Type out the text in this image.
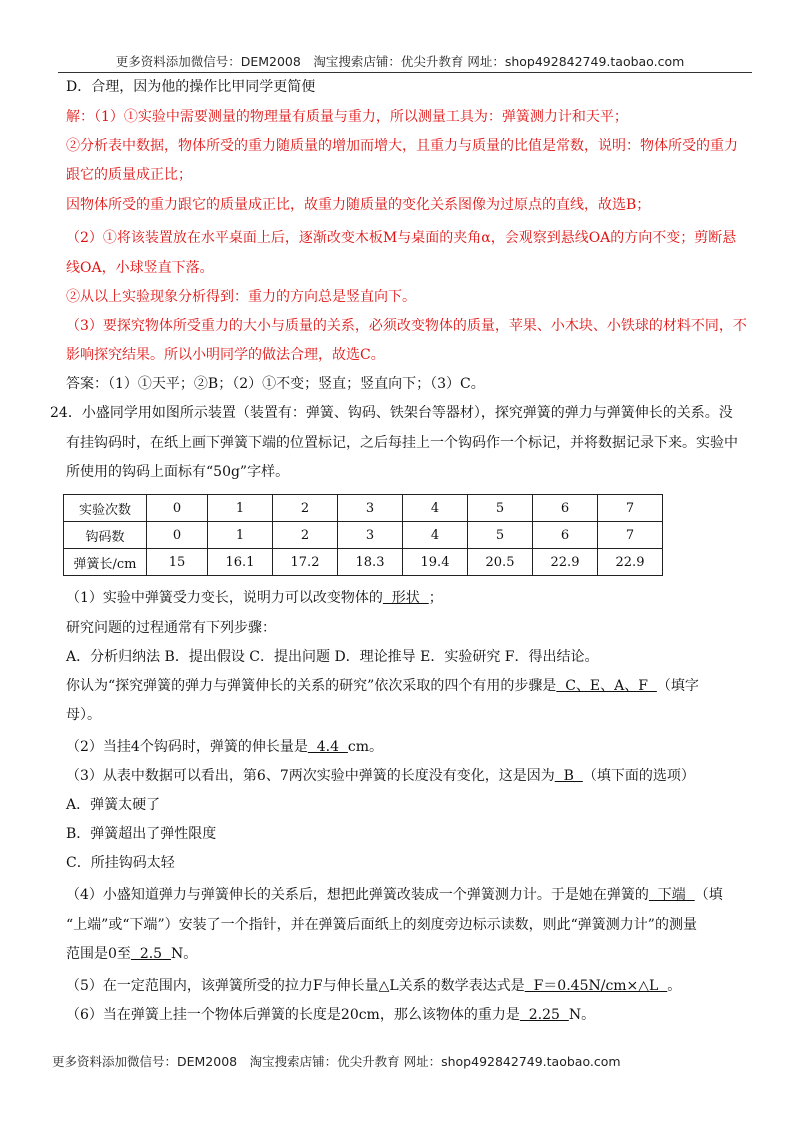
更多资料添加微信号：DEM2008　淘宝搜索店铺：优尖升教育 网址：shop492842749.taobao.com
D．合理，因为他的操作比甲同学更简便
解：（1）①实验中需要测量的物理量有质量与重力，所以测量工具为：弹簧测力计和天平；
②分析表中数据，物体所受的重力随质量的增加而增大，且重力与质量的比值是常数，说明：物体所受的重力
跟它的质量成正比；
因物体所受的重力跟它的质量成正比，故重力随质量的变化关系图像为过原点的直线，故选B；
（2）①将该装置放在水平桌面上后，逐渐改变木板M与桌面的夹角α，会观察到悬线OA的方向不变；剪断悬
线OA，小球竖直下落。
②从以上实验现象分析得到：重力的方向总是竖直向下。
（3）要探究物体所受重力的大小与质量的关系，必须改变物体的质量，苹果、小木块、小铁球的材料不同，不
影响探究结果。所以小明同学的做法合理，故选C。
答案：（1）①天平；②B；（2）①不变；竖直；竖直向下；（3）C。
24．小盛同学用如图所示装置（装置有：弹簧、钩码、铁架台等器材），探究弹簧的弹力与弹簧伸长的关系。没
有挂钩码时，在纸上画下弹簧下端的位置标记，之后每挂上一个钩码作一个标记，并将数据记录下来。实验中
所使用的钩码上面标有“50g”字样。
实验次数	0	1	2	3	4	5	6	7
钩码数	0	1	2	3	4	5	6	7
弹簧长/cm	15	16.1	17.2	18.3	19.4	20.5	22.9	22.9
（1）实验中弹簧受力变长，说明力可以改变物体的  形状  ；
研究问题的过程通常有下列步骤：
A．分析归纳法 B．提出假设 C．提出问题 D．理论推导 E．实验研究 F．得出结论。
你认为“探究弹簧的弹力与弹簧伸长的关系的研究”依次采取的四个有用的步骤是  C、E、A、F  （填字
母）。
（2）当挂4个钩码时，弹簧的伸长量是  4.4  cm。
（3）从表中数据可以看出，第6、7两次实验中弹簧的长度没有变化，这是因为  B  （填下面的选项）
A．弹簧太硬了
B．弹簧超出了弹性限度
C．所挂钩码太轻
（4）小盛知道弹力与弹簧伸长的关系后，想把此弹簧改装成一个弹簧测力计。于是她在弹簧的  下端  （填
“上端”或“下端”）安装了一个指针，并在弹簧后面纸上的刻度旁边标示读数，则此“弹簧测力计”的测量
范围是0至  2.5  N。
（5）在一定范围内，该弹簧所受的拉力F与伸长量△L关系的数学表达式是  F＝0.45N/cm×△L  。
（6）当在弹簧上挂一个物体后弹簧的长度是20cm，那么该物体的重力是  2.25  N。
更多资料添加微信号：DEM2008　淘宝搜索店铺：优尖升教育 网址：shop492842749.taobao.com
